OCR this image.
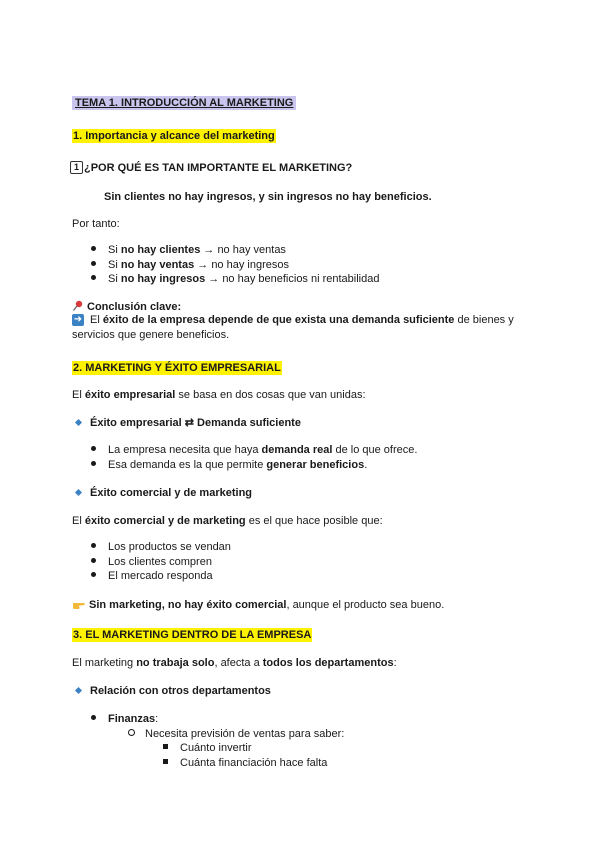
TEMA 1. INTRODUCCIÓN AL MARKETING
1. Importancia y alcance del marketing
1 ¿POR QUÉ ES TAN IMPORTANTE EL MARKETING?
Sin clientes no hay ingresos, y sin ingresos no hay beneficios.
Por tanto:
Si no hay clientes → no hay ventas
Si no hay ventas → no hay ingresos
Si no hay ingresos → no hay beneficios ni rentabilidad
Conclusión clave:
➜ El éxito de la empresa depende de que exista una demanda suficiente de bienes y
servicios que genere beneficios.
2. MARKETING Y ÉXITO EMPRESARIAL
El éxito empresarial se basa en dos cosas que van unidas:
Éxito empresarial ⇄ Demanda suficiente
La empresa necesita que haya demanda real de lo que ofrece.
Esa demanda es la que permite generar beneficios.
Éxito comercial y de marketing
El éxito comercial y de marketing es el que hace posible que:
Los productos se vendan
Los clientes compren
El mercado responda
Sin marketing, no hay éxito comercial, aunque el producto sea bueno.
3. EL MARKETING DENTRO DE LA EMPRESA
El marketing no trabaja solo, afecta a todos los departamentos:
Relación con otros departamentos
Finanzas:
Necesita previsión de ventas para saber:
Cuánto invertir
Cuánta financiación hace falta
